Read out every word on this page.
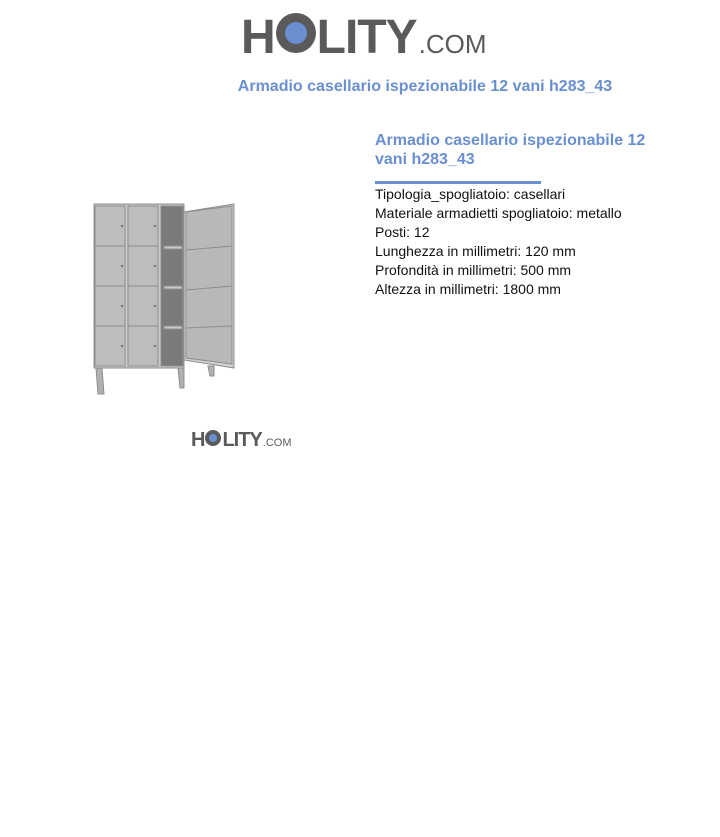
H LITY .COM
Armadio casellario ispezionabile 12 vani h283_43
H LITY .COM
Armadio casellario ispezionabile 12 vani h283_43
Tipologia_spogliatoio: casellari
Materiale armadietti spogliatoio: metallo
Posti: 12
Lunghezza in millimetri: 120 mm
Profondità in millimetri: 500 mm
Altezza in millimetri: 1800 mm
